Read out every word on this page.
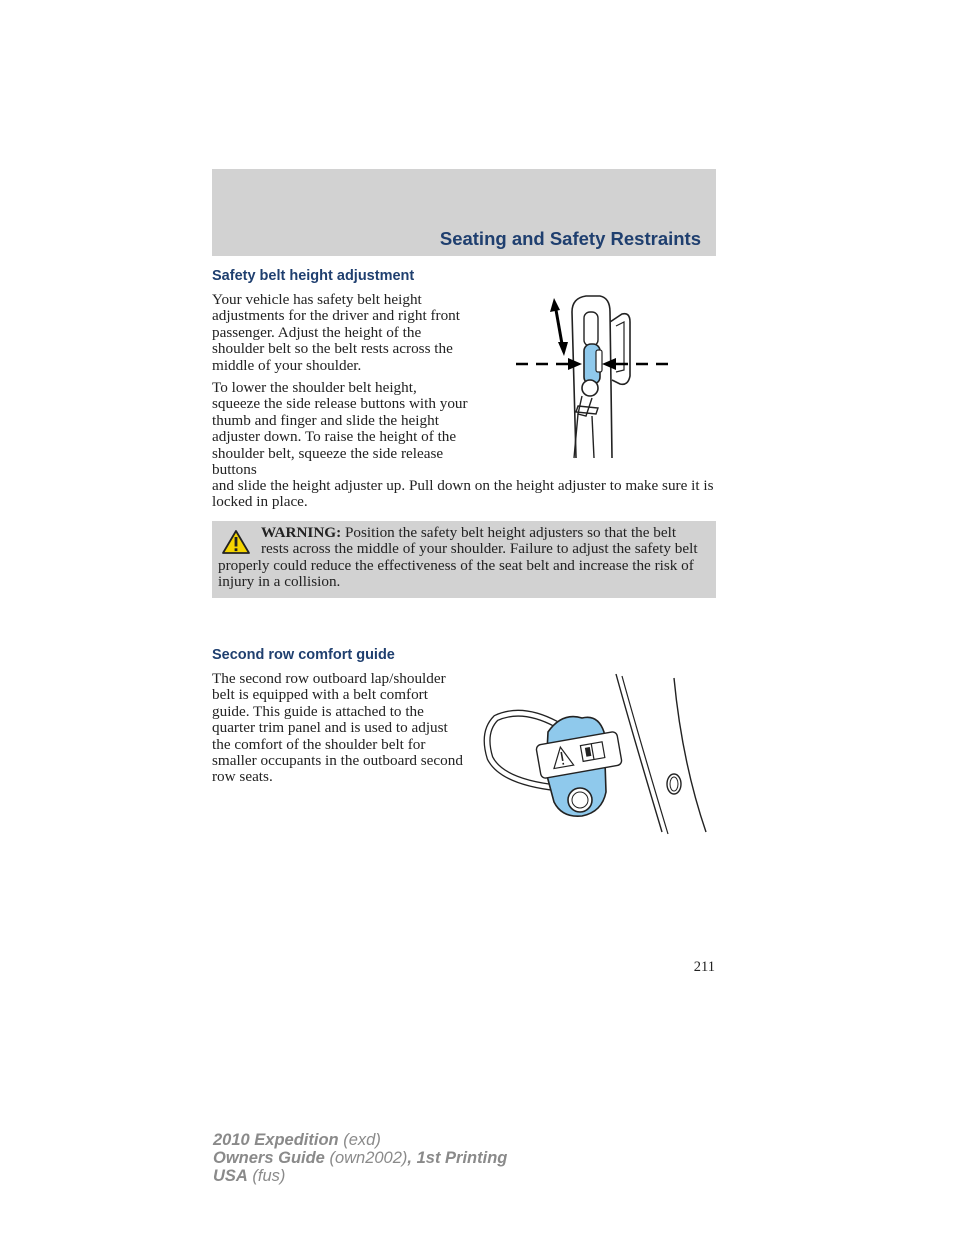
Seating and Safety Restraints
Safety belt height adjustment

Your vehicle has safety belt height adjustments for the driver and right front passenger. Adjust the height of the shoulder belt so the belt rests across the middle of your shoulder.

To lower the shoulder belt height, squeeze the side release buttons with your thumb and finger and slide the height adjuster down. To raise the height of the shoulder belt, squeeze the side release buttons

and slide the height adjuster up. Pull down on the height adjuster to make sure it is locked in place.

WARNING: Position the safety belt height adjusters so that the belt rests across the middle of your shoulder. Failure to adjust the safety belt properly could reduce the effectiveness of the seat belt and increase the risk of injury in a collision.

Second row comfort guide

The second row outboard lap/shoulder belt is equipped with a belt comfort guide. This guide is attached to the quarter trim panel and is used to adjust the comfort of the shoulder belt for smaller occupants in the outboard second row seats.

211

2010 Expedition (exd)
Owners Guide (own2002), 1st Printing
USA (fus)
